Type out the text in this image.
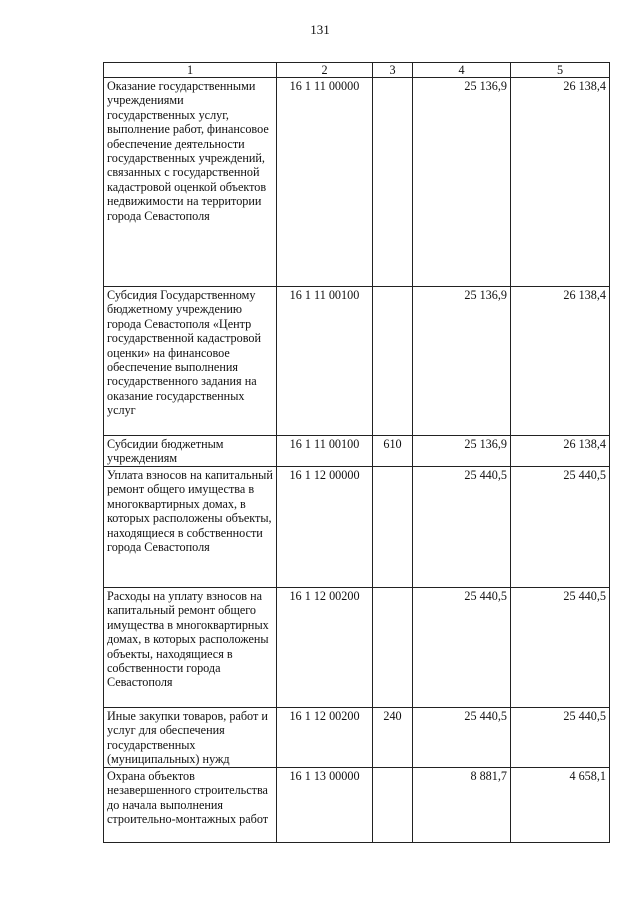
131
1	2	3	4	5
Оказание государственными учреждениями государственных услуг, выполнение работ, финансовое обеспечение деятельности государственных учреждений, связанных с государственной кадастровой оценкой объектов недвижимости на территории города Севастополя	16 1 11 00000		25 136,9	26 138,4
Субсидия Государственному бюджетному учреждению города Севастополя «Центр государственной кадастровой оценки» на финансовое обеспечение выполнения государственного задания на оказание государственных услуг	16 1 11 00100		25 136,9	26 138,4
Субсидии бюджетным учреждениям	16 1 11 00100	610	25 136,9	26 138,4
Уплата взносов на капитальный ремонт общего имущества в многоквартирных домах, в которых расположены объекты, находящиеся в собственности города Севастополя	16 1 12 00000		25 440,5	25 440,5
Расходы на уплату взносов на капитальный ремонт общего имущества в многоквартирных домах, в которых расположены объекты, находящиеся в собственности города Севастополя	16 1 12 00200		25 440,5	25 440,5
Иные закупки товаров, работ и услуг для обеспечения государственных (муниципальных) нужд	16 1 12 00200	240	25 440,5	25 440,5
Охрана объектов незавершенного строительства до начала выполнения строительно-монтажных работ	16 1 13 00000		8 881,7	4 658,1
